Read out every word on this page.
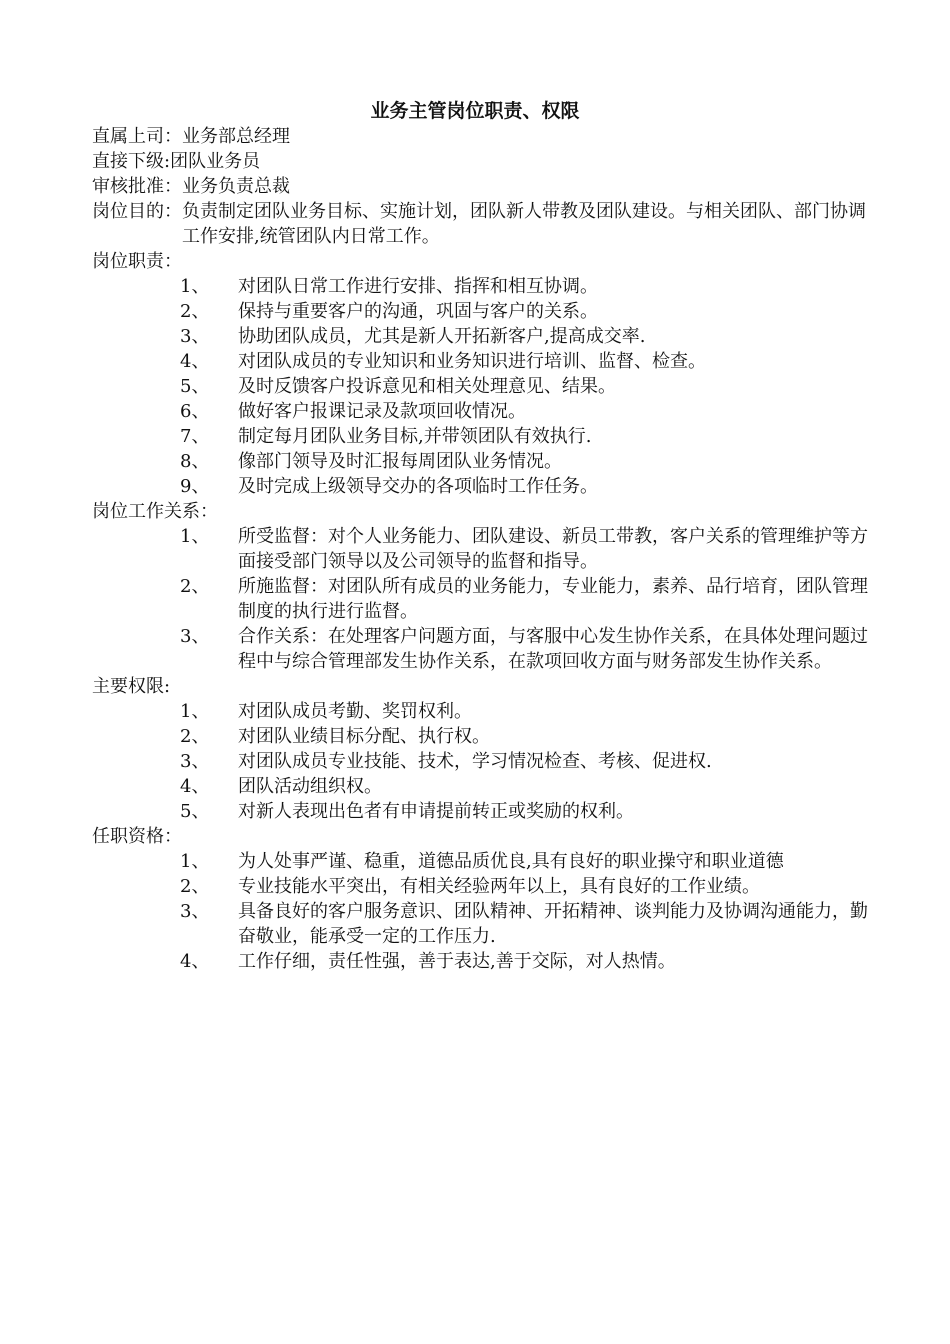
业务主管岗位职责、权限
直属上司： 业务部总经理
直接下级: 团队业务员
审核批准： 业务负责总裁
岗位目的： 负责制定团队业务目标、实施计划，团队新人带教及团队建设。与相关团队、部门协调工作安排,统管团队内日常工作。
岗位职责：
1、	对团队日常工作进行安排、指挥和相互协调。
2、	保持与重要客户的沟通，巩固与客户的关系。
3、	协助团队成员，尤其是新人开拓新客户,提高成交率.
4、	对团队成员的专业知识和业务知识进行培训、监督、检查。
5、	及时反馈客户投诉意见和相关处理意见、结果。
6、	做好客户报课记录及款项回收情况。
7、	制定每月团队业务目标,并带领团队有效执行.
8、	像部门领导及时汇报每周团队业务情况。
9、	及时完成上级领导交办的各项临时工作任务。
岗位工作关系：
1、	所受监督：对个人业务能力、团队建设、新员工带教，客户关系的管理维护等方面接受部门领导以及公司领导的监督和指导。
2、	所施监督：对团队所有成员的业务能力，专业能力，素养、品行培育，团队管理制度的执行进行监督。
3、	合作关系：在处理客户问题方面，与客服中心发生协作关系，在具体处理问题过程中与综合管理部发生协作关系，在款项回收方面与财务部发生协作关系。
主要权限:
1、	对团队成员考勤、奖罚权利。
2、	对团队业绩目标分配、执行权。
3、	对团队成员专业技能、技术，学习情况检查、考核、促进权.
4、	团队活动组织权。
5、	对新人表现出色者有申请提前转正或奖励的权利。
任职资格：
1、	为人处事严谨、稳重，道德品质优良,具有良好的职业操守和职业道德
2、	专业技能水平突出，有相关经验两年以上，具有良好的工作业绩。
3、	具备良好的客户服务意识、团队精神、开拓精神、谈判能力及协调沟通能力，勤奋敬业，能承受一定的工作压力.
4、	工作仔细，责任性强，善于表达,善于交际，对人热情。
